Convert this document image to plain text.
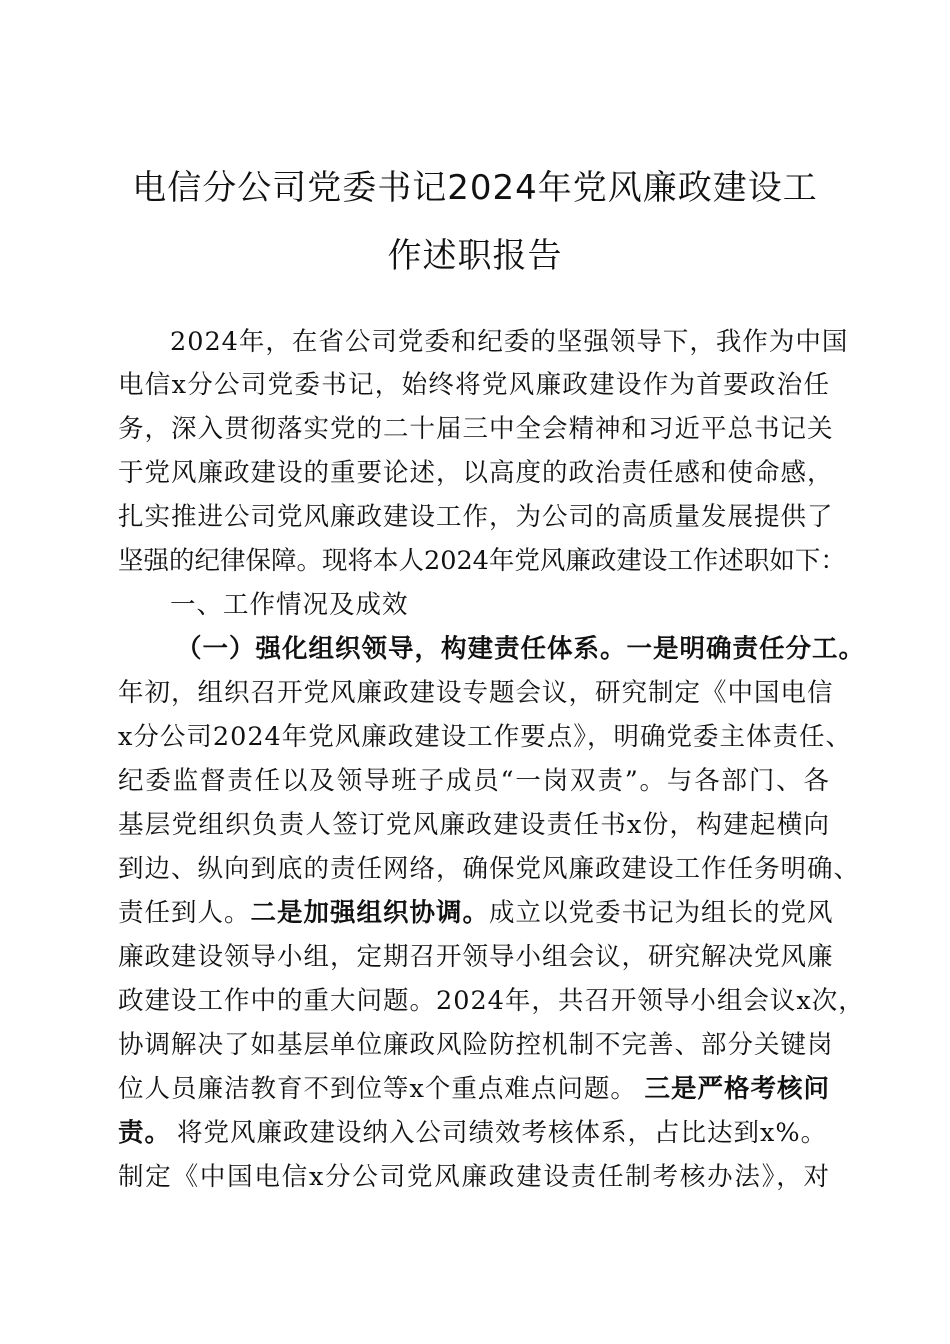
电信分公司党委书记2024年党风廉政建设工
作述职报告
2024年，在省公司党委和纪委的坚强领导下，我作为中国
电信x分公司党委书记，始终将党风廉政建设作为首要政治任
务，深入贯彻落实党的二十届三中全会精神和习近平总书记关
于党风廉政建设的重要论述，以高度的政治责任感和使命感，
扎实推进公司党风廉政建设工作，为公司的高质量发展提供了
坚强的纪律保障。现将本人2024年党风廉政建设工作述职如下：
一、工作情况及成效
（一）强化组织领导，构建责任体系。一是明确责任分工。
年初，组织召开党风廉政建设专题会议，研究制定《中国电信
x分公司2024年党风廉政建设工作要点》，明确党委主体责任、
纪委监督责任以及领导班子成员“一岗双责”。与各部门、各
基层党组织负责人签订党风廉政建设责任书x份，构建起横向
到边、纵向到底的责任网络，确保党风廉政建设工作任务明确、
责任到人。 二是加强组织协调。 成立以党委书记为组长的党风
廉政建设领导小组，定期召开领导小组会议，研究解决党风廉
政建设工作中的重大问题。2024年，共召开领导小组会议x次，
协调解决了如基层单位廉政风险防控机制不完善、部分关键岗
位人员廉洁教育不到位等x个重点难点问题。 三是严格考核问
责。 将党风廉政建设纳入公司绩效考核体系，占比达到x%。
制定《中国电信x分公司党风廉政建设责任制考核办法》，对
